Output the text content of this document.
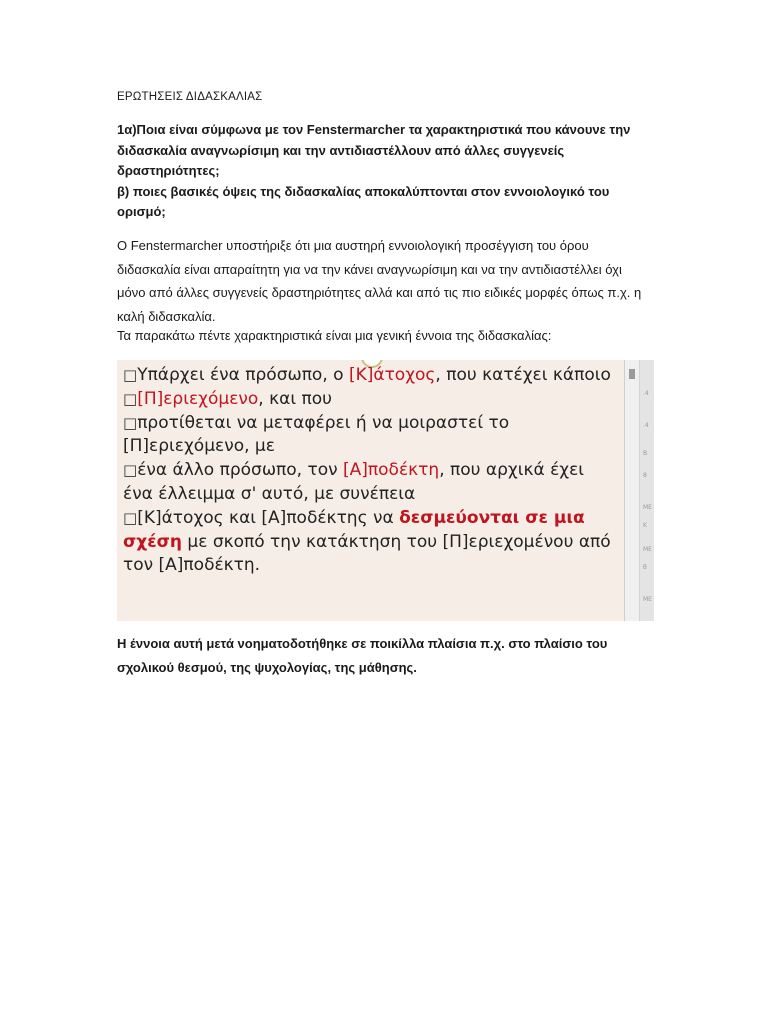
ΕΡΩΤΗΣΕΙΣ ΔΙΔΑΣΚΑΛΙΑΣ

1α)Ποια είναι σύμφωνα με τον Fenstermarcher τα χαρακτηριστικά που κάνουνε την διδασκαλία αναγνωρίσιμη και την αντιδιαστέλλουν από άλλες συγγενείς δραστηριότητες;

β) ποιες βασικές όψεις της διδασκαλίας αποκαλύπτονται στον εννοιολογικό του ορισμό;

Ο Fenstermarcher υποστήριξε ότι μια αυστηρή εννοιολογική προσέγγιση του όρου διδασκαλία είναι απαραίτητη για να την κάνει αναγνωρίσιμη και να την αντιδιαστέλλει όχι μόνο από άλλες συγγενείς δραστηριότητες αλλά και από τις πιο ειδικές μορφές όπως π.χ. η καλή διδασκαλία.
Τα παρακάτω πέντε χαρακτηριστικά είναι μια γενική έννοια της διδασκαλίας:
□Υπάρχει ένα πρόσωπο, ο [Κ]άτοχος, που κατέχει κάποιο
□[Π]εριεχόμενο, και που
□προτίθεται να μεταφέρει ή να μοιραστεί το [Π]εριεχόμενο, με
□ένα άλλο πρόσωπο, τον [Α]ποδέκτη, που αρχικά έχει ένα έλλειμμα σ' αυτό, με συνέπεια
□[Κ]άτοχος και [Α]ποδέκτης να δεσμεύονται σε μια σχέση με σκοπό την κατάκτηση του [Π]εριεχομένου από τον [Α]ποδέκτη.
.4
.4
B
8
ME
K
ME
θ
ME
Η έννοια αυτή μετά νοηματοδοτήθηκε σε ποικίλλα πλαίσια π.χ. στο πλαίσιο του σχολικού θεσμού, της ψυχολογίας, της μάθησης.
